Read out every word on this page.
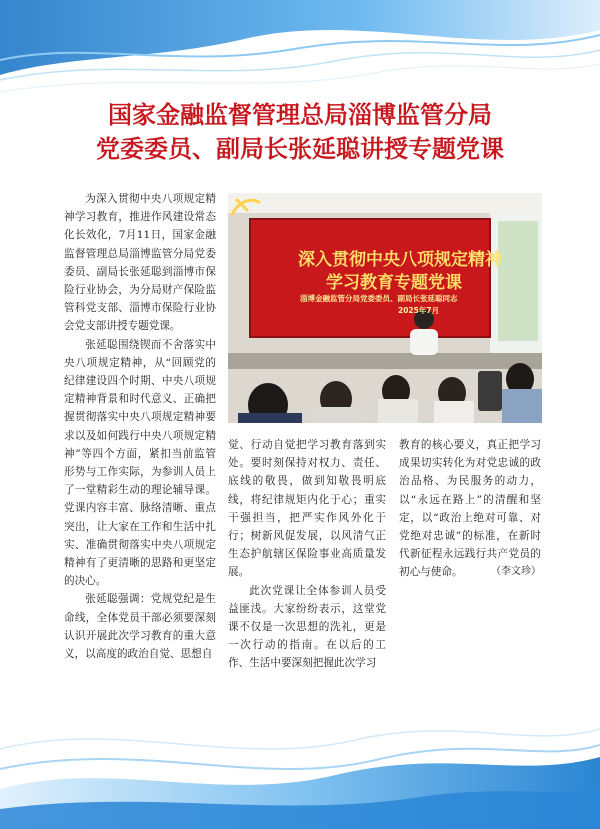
国家金融监督管理总局淄博监管分局
党委委员、副局长张延聪讲授专题党课

为深入贯彻中央八项规定精神学习教育，推进作风建设常态化长效化，7月11日，国家金融监督管理总局淄博监管分局党委委员、副局长张延聪到淄博市保险行业协会，为分局财产保险监管科党支部、淄博市保险行业协会党支部讲授专题党课。

张延聪围绕锲而不舍落实中央八项规定精神，从“回顾党的纪律建设四个时期、中央八项规定精神背景和时代意义、正确把握贯彻落实中央八项规定精神要求以及如何践行中央八项规定精神”等四个方面，紧扣当前监管形势与工作实际，为参训人员上了一堂精彩生动的理论辅导课。党课内容丰富、脉络清晰、重点突出，让大家在工作和生活中扎实、准确贯彻落实中央八项规定精神有了更清晰的思路和更坚定的决心。

张延聪强调：党规党纪是生命线，全体党员干部必须要深刻认识开展此次学习教育的重大意义，以高度的政治自觉、思想自

深入贯彻中央八项规定精神
学习教育专题党课
淄博金融监管分局党委委员、副局长张延聪同志
2025年7月

觉、行动自觉把学习教育落到实处。要时刻保持对权力、责任、底线的敬畏，做到知敬畏明底线，将纪律规矩内化于心；重实干强担当，把严实作风外化于行；树新风促发展，以风清气正生态护航辖区保险事业高质量发展。

此次党课让全体参训人员受益匪浅。大家纷纷表示，这堂党课不仅是一次思想的洗礼，更是一次行动的指南。在以后的工作、生活中要深刻把握此次学习

教育的核心要义，真正把学习成果切实转化为对党忠诚的政治品格、为民服务的动力，以“永远在路上”的清醒和坚定，以“政治上绝对可靠、对党绝对忠诚”的标准，在新时代新征程永远践行共产党员的初心与使命。	（李文珍）
